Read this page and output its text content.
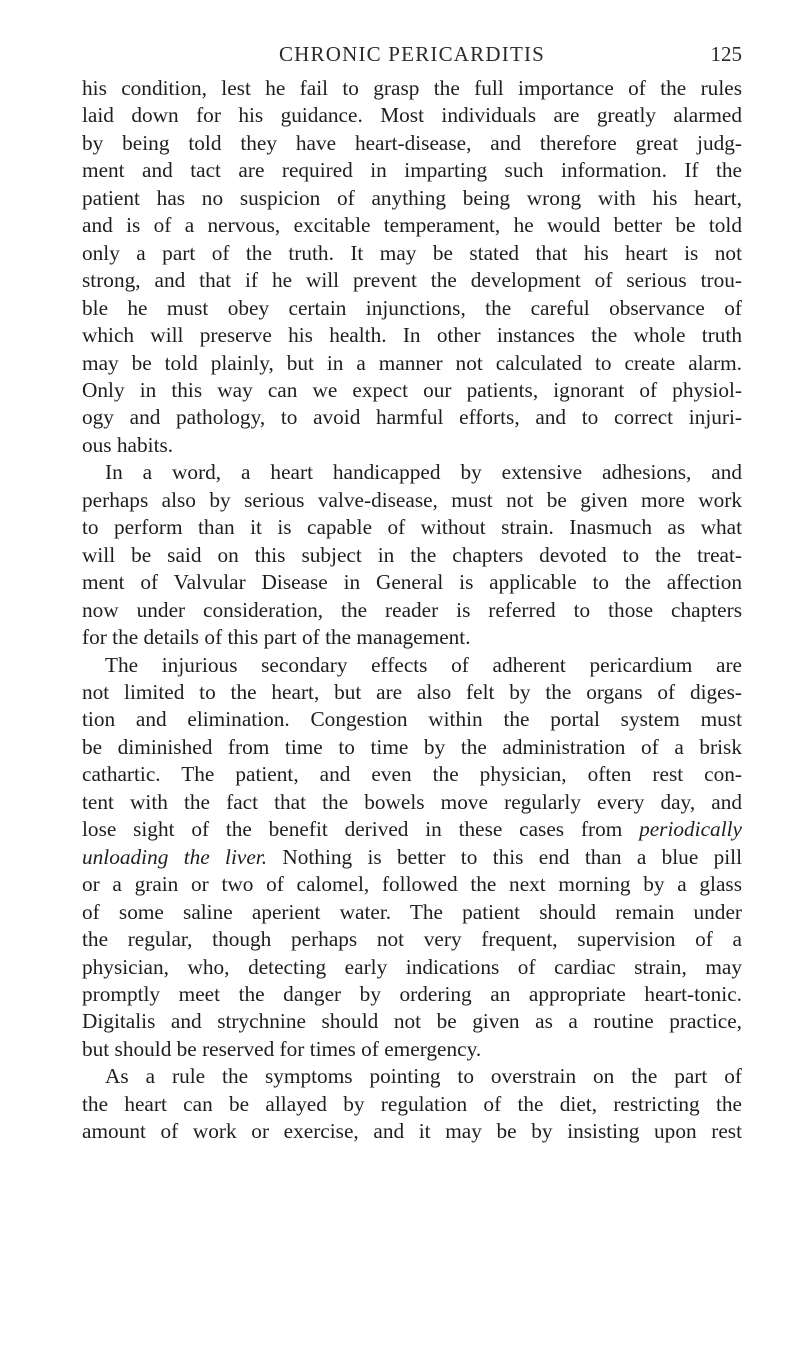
CHRONIC PERICARDITIS	125
his condition, lest he fail to grasp the full importance of the rules
laid down for his guidance. Most individuals are greatly alarmed
by being told they have heart-disease, and therefore great judg-
ment and tact are required in imparting such information. If the
patient has no suspicion of anything being wrong with his heart,
and is of a nervous, excitable temperament, he would better be told
only a part of the truth. It may be stated that his heart is not
strong, and that if he will prevent the development of serious trou-
ble he must obey certain injunctions, the careful observance of
which will preserve his health. In other instances the whole truth
may be told plainly, but in a manner not calculated to create alarm.
Only in this way can we expect our patients, ignorant of physiol-
ogy and pathology, to avoid harmful efforts, and to correct injuri-
ous habits.
In a word, a heart handicapped by extensive adhesions, and
perhaps also by serious valve-disease, must not be given more work
to perform than it is capable of without strain. Inasmuch as what
will be said on this subject in the chapters devoted to the treat-
ment of Valvular Disease in General is applicable to the affection
now under consideration, the reader is referred to those chapters
for the details of this part of the management.
The injurious secondary effects of adherent pericardium are
not limited to the heart, but are also felt by the organs of diges-
tion and elimination. Congestion within the portal system must
be diminished from time to time by the administration of a brisk
cathartic. The patient, and even the physician, often rest con-
tent with the fact that the bowels move regularly every day, and
lose sight of the benefit derived in these cases from periodically
unloading the liver. Nothing is better to this end than a blue pill
or a grain or two of calomel, followed the next morning by a glass
of some saline aperient water. The patient should remain under
the regular, though perhaps not very frequent, supervision of a
physician, who, detecting early indications of cardiac strain, may
promptly meet the danger by ordering an appropriate heart-tonic.
Digitalis and strychnine should not be given as a routine practice,
but should be reserved for times of emergency.
As a rule the symptoms pointing to overstrain on the part of
the heart can be allayed by regulation of the diet, restricting the
amount of work or exercise, and it may be by insisting upon rest
